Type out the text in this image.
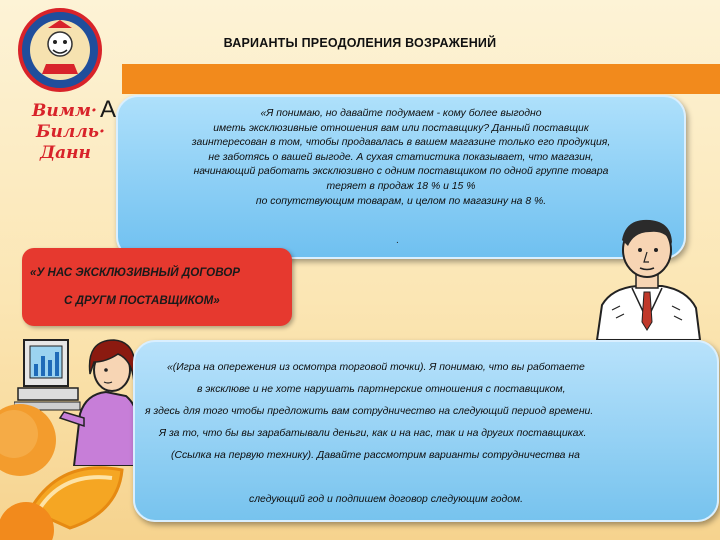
Вимм·
Билль·
Данн
ВАРИАНТЫ ПРЕОДОЛЕНИЯ ВОЗРАЖЕНИЙ
А	«Я понимаю, но давайте подумаем - кому более выгодно
иметь эксклюзивные отношения вам или поставщику? Данный поставщик
заинтересован в том, чтобы продавалась в вашем магазине только его продукция,
не заботясь о вашей выгоде. А сухая статистика показывает, что магазин,
начинающий работать эксклюзивно с одним поставщиком по одной группе товара
теряет в продаж 18 % и 15 %
по сопутствующим товарам, и целом по магазину на 8 %.
.
«У НАС ЭКСКЛЮЗИВНЫЙ ДОГОВОР
С ДРУГМ ПОСТАВЩИКОМ»
«(Игра на опережения из осмотра торговой точки). Я понимаю, что вы работаете
в эксклюве и не хоте нарушать партнерские отношения с поставщиком,
я здесь для того чтобы предложить вам сотрудничество на следующий период времени.
Я за то, что бы вы зарабатывали деньги, как и на нас, так и на других поставщиках.
(Ссылка на первую технику). Давайте рассмотрим варианты сотрудничества на
следующий год и подпишем договор следующим годом.
